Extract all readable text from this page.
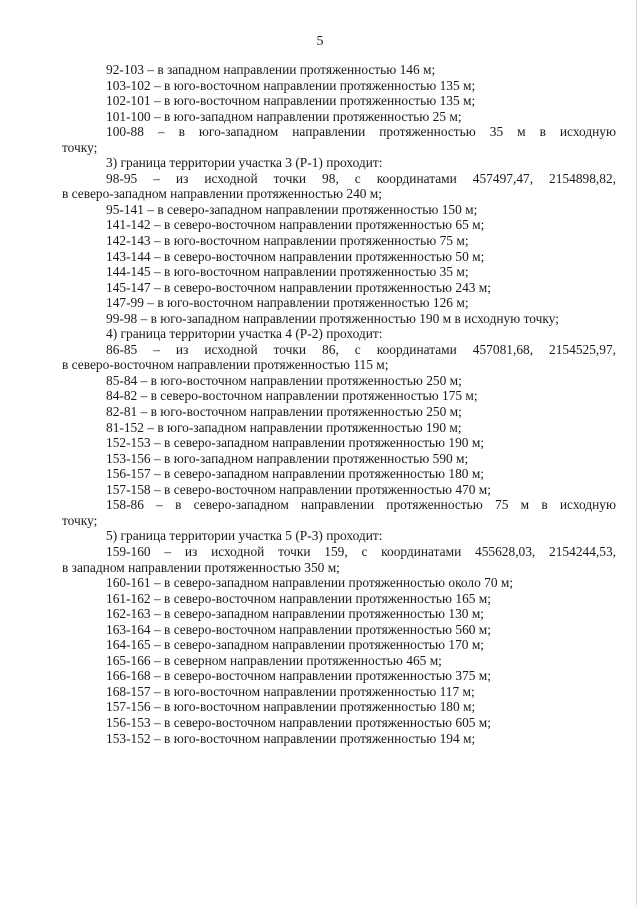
5
92-103 – в западном направлении протяженностью 146 м;
103-102 – в юго-восточном направлении протяженностью 135 м;
102-101 – в юго-восточном направлении протяженностью 135 м;
101-100 – в юго-западном направлении протяженностью 25 м;
100-88 – в юго-западном направлении протяженностью 35 м в исходную
точку;
3) граница территории участка 3 (Р-1) проходит:
98-95 – из исходной точки 98, с координатами 457497,47, 2154898,82,
в северо-западном направлении протяженностью 240 м;
95-141 – в северо-западном направлении протяженностью 150 м;
141-142 – в северо-восточном направлении протяженностью 65 м;
142-143 – в юго-восточном направлении протяженностью 75 м;
143-144 – в северо-восточном направлении протяженностью 50 м;
144-145 – в юго-восточном направлении протяженностью 35 м;
145-147 – в северо-восточном направлении протяженностью 243 м;
147-99 – в юго-восточном направлении протяженностью 126 м;
99-98 – в юго-западном направлении протяженностью 190 м в исходную точку;
4) граница территории участка 4 (Р-2) проходит:
86-85 – из исходной точки 86, с координатами 457081,68, 2154525,97,
в северо-восточном направлении протяженностью 115 м;
85-84 – в юго-восточном направлении протяженностью 250 м;
84-82 – в северо-восточном направлении протяженностью 175 м;
82-81 – в юго-восточном направлении протяженностью 250 м;
81-152 – в юго-западном направлении протяженностью 190 м;
152-153 – в северо-западном направлении протяженностью 190 м;
153-156 – в юго-западном направлении протяженностью 590 м;
156-157 – в северо-западном направлении протяженностью 180 м;
157-158 – в северо-восточном направлении протяженностью 470 м;
158-86 – в северо-западном направлении протяженностью 75 м в исходную
точку;
5) граница территории участка 5 (Р-3) проходит:
159-160 – из исходной точки 159, с координатами 455628,03, 2154244,53,
в западном направлении протяженностью 350 м;
160-161 – в северо-западном направлении протяженностью около 70 м;
161-162 – в северо-восточном направлении протяженностью 165 м;
162-163 – в северо-западном направлении протяженностью 130 м;
163-164 – в северо-восточном направлении протяженностью 560 м;
164-165 – в северо-западном направлении протяженностью 170 м;
165-166 – в северном направлении протяженностью 465 м;
166-168 – в северо-восточном направлении протяженностью 375 м;
168-157 – в юго-восточном направлении протяженностью 117 м;
157-156 – в юго-восточном направлении протяженностью 180 м;
156-153 – в северо-восточном направлении протяженностью 605 м;
153-152 – в юго-восточном направлении протяженностью 194 м;
